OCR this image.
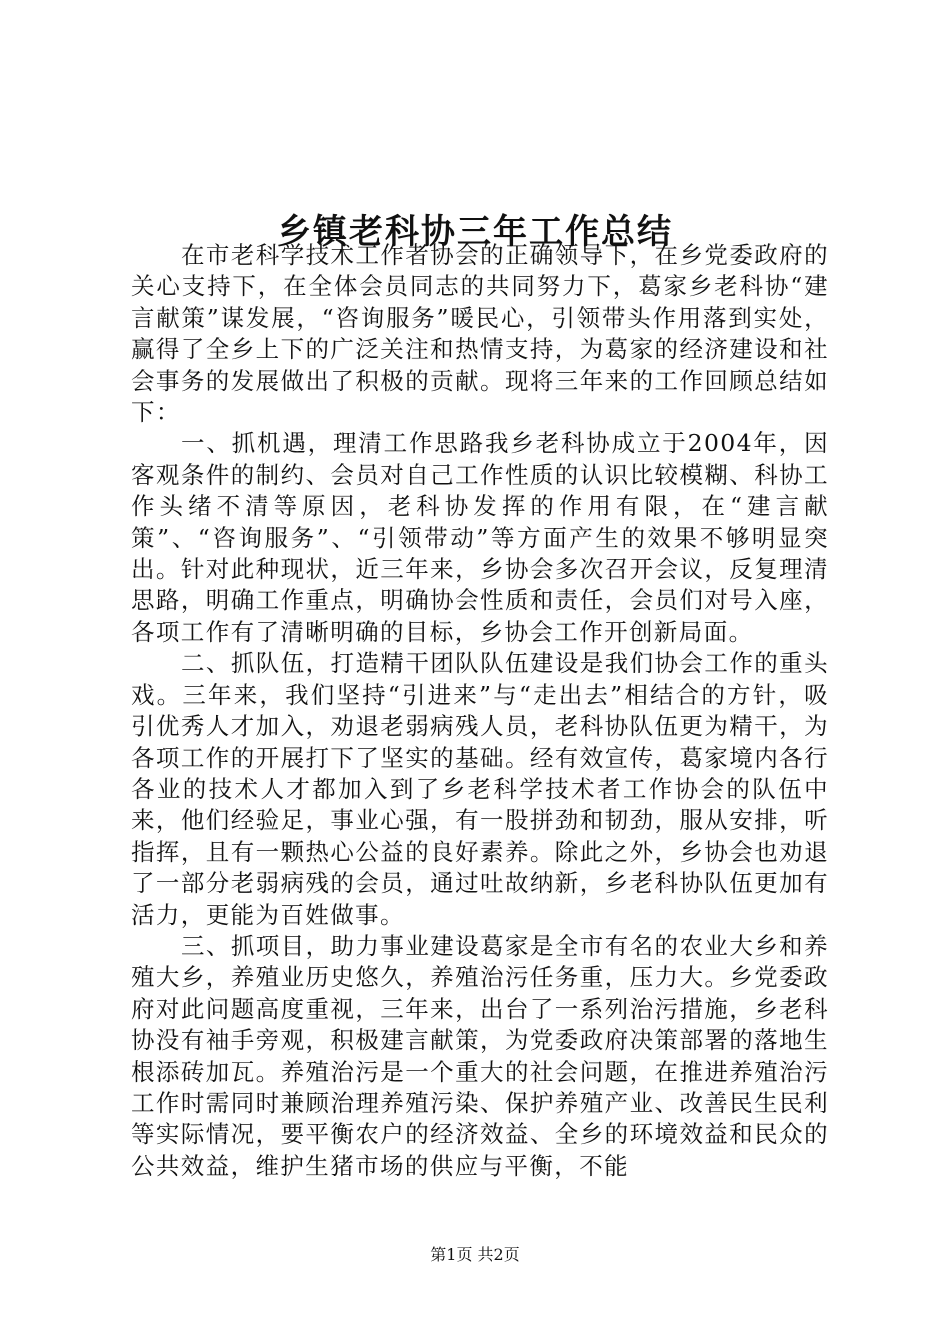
乡镇老科协三年工作总结

在市老科学技术工作者协会的正确领导下，在乡党委政府的关心支持下，在全体会员同志的共同努力下，葛家乡老科协“建言献策”谋发展，“咨询服务”暖民心，引领带头作用落到实处，赢得了全乡上下的广泛关注和热情支持，为葛家的经济建设和社会事务的发展做出了积极的贡献。现将三年来的工作回顾总结如下：

一、抓机遇，理清工作思路我乡老科协成立于2004年，因客观条件的制约、会员对自己工作性质的认识比较模糊、科协工作头绪不清等原因，老科协发挥的作用有限，在“建言献策”、“咨询服务”、“引领带动”等方面产生的效果不够明显突出。针对此种现状，近三年来，乡协会多次召开会议，反复理清思路，明确工作重点，明确协会性质和责任，会员们对号入座，各项工作有了清晰明确的目标，乡协会工作开创新局面。

二、抓队伍，打造精干团队队伍建设是我们协会工作的重头戏。三年来，我们坚持“引进来”与“走出去”相结合的方针，吸引优秀人才加入，劝退老弱病残人员，老科协队伍更为精干，为各项工作的开展打下了坚实的基础。经有效宣传，葛家境内各行各业的技术人才都加入到了乡老科学技术者工作协会的队伍中来，他们经验足，事业心强，有一股拼劲和韧劲，服从安排，听指挥，且有一颗热心公益的良好素养。除此之外，乡协会也劝退了一部分老弱病残的会员，通过吐故纳新，乡老科协队伍更加有活力，更能为百姓做事。

三、抓项目，助力事业建设葛家是全市有名的农业大乡和养殖大乡，养殖业历史悠久，养殖治污任务重，压力大。乡党委政府对此问题高度重视，三年来，出台了一系列治污措施，乡老科协没有袖手旁观，积极建言献策，为党委政府决策部署的落地生根添砖加瓦。养殖治污是一个重大的社会问题，在推进养殖治污工作时需同时兼顾治理养殖污染、保护养殖产业、改善民生民利等实际情况，要平衡农户的经济效益、全乡的环境效益和民众的公共效益，维护生猪市场的供应与平衡，不能

第1页 共2页
